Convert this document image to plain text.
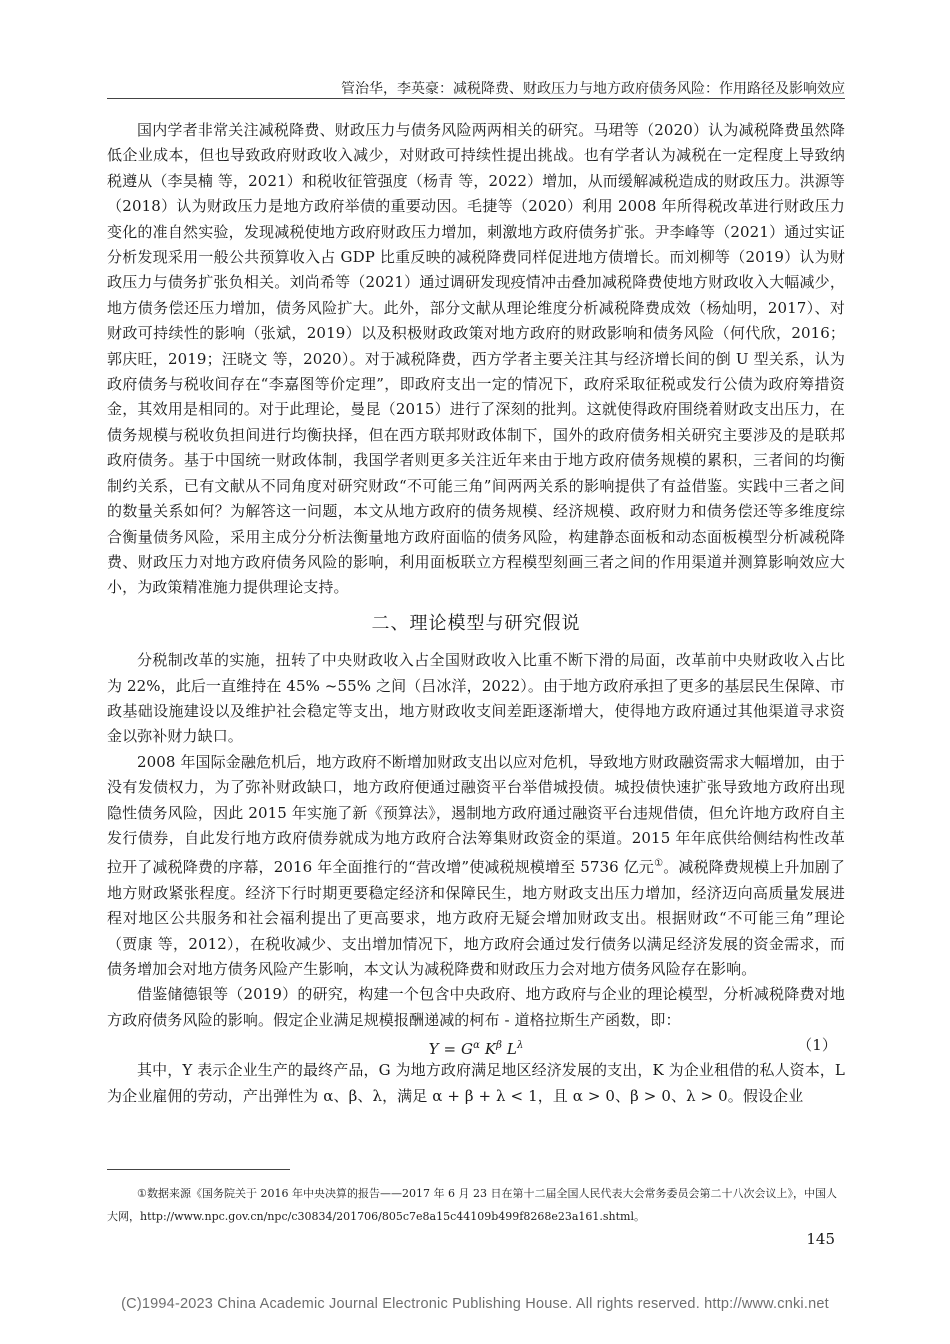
管治华，李英豪：减税降费、财政压力与地方政府债务风险：作用路径及影响效应

国内学者非常关注减税降费、财政压力与债务风险两两相关的研究。马珺等（2020）认为减税降费虽然降低企业成本，但也导致政府财政收入减少，对财政可持续性提出挑战。也有学者认为减税在一定程度上导致纳税遵从（李昊楠 等，2021）和税收征管强度（杨青 等，2022）增加，从而缓解减税造成的财政压力。洪源等（2018）认为财政压力是地方政府举债的重要动因。毛捷等（2020）利用 2008 年所得税改革进行财政压力变化的准自然实验，发现减税使地方政府财政压力增加，刺激地方政府债务扩张。尹李峰等（2021）通过实证分析发现采用一般公共预算收入占 GDP 比重反映的减税降费同样促进地方债增长。而刘柳等（2019）认为财政压力与债务扩张负相关。刘尚希等（2021）通过调研发现疫情冲击叠加减税降费使地方财政收入大幅减少，地方债务偿还压力增加，债务风险扩大。此外，部分文献从理论维度分析减税降费成效（杨灿明，2017）、对财政可持续性的影响（张斌，2019）以及积极财政政策对地方政府的财政影响和债务风险（何代欣，2016；郭庆旺，2019；汪晓文 等，2020）。对于减税降费，西方学者主要关注其与经济增长间的倒 U 型关系，认为政府债务与税收间存在“李嘉图等价定理”，即政府支出一定的情况下，政府采取征税或发行公债为政府筹措资金，其效用是相同的。对于此理论，曼昆（2015）进行了深刻的批判。这就使得政府围绕着财政支出压力，在债务规模与税收负担间进行均衡抉择，但在西方联邦财政体制下，国外的政府债务相关研究主要涉及的是联邦政府债务。基于中国统一财政体制，我国学者则更多关注近年来由于地方政府债务规模的累积，三者间的均衡制约关系，已有文献从不同角度对研究财政“不可能三角”间两两关系的影响提供了有益借鉴。实践中三者之间的数量关系如何？为解答这一问题，本文从地方政府的债务规模、经济规模、政府财力和债务偿还等多维度综合衡量债务风险，采用主成分分析法衡量地方政府面临的债务风险，构建静态面板和动态面板模型分析减税降费、财政压力对地方政府债务风险的影响，利用面板联立方程模型刻画三者之间的作用渠道并测算影响效应大小，为政策精准施力提供理论支持。

二、理论模型与研究假说

分税制改革的实施，扭转了中央财政收入占全国财政收入比重不断下滑的局面，改革前中央财政收入占比为 22%，此后一直维持在 45% ~55% 之间（吕冰洋，2022）。由于地方政府承担了更多的基层民生保障、市政基础设施建设以及维护社会稳定等支出，地方财政收支间差距逐渐增大，使得地方政府通过其他渠道寻求资金以弥补财力缺口。

2008 年国际金融危机后，地方政府不断增加财政支出以应对危机，导致地方财政融资需求大幅增加，由于没有发债权力，为了弥补财政缺口，地方政府便通过融资平台举借城投债。城投债快速扩张导致地方政府出现隐性债务风险，因此 2015 年实施了新《预算法》，遏制地方政府通过融资平台违规借债，但允许地方政府自主发行债券，自此发行地方政府债券就成为地方政府合法筹集财政资金的渠道。2015 年年底供给侧结构性改革拉开了减税降费的序幕，2016 年全面推行的“营改增”使减税规模增至 5736 亿元①。减税降费规模上升加剧了地方财政紧张程度。经济下行时期更要稳定经济和保障民生，地方财政支出压力增加，经济迈向高质量发展进程对地区公共服务和社会福利提出了更高要求，地方政府无疑会增加财政支出。根据财政“不可能三角”理论（贾康 等，2012），在税收减少、支出增加情况下，地方政府会通过发行债务以满足经济发展的资金需求，而债务增加会对地方债务风险产生影响，本文认为减税降费和财政压力会对地方债务风险存在影响。

借鉴储德银等（2019）的研究，构建一个包含中央政府、地方政府与企业的理论模型，分析减税降费对地方政府债务风险的影响。假定企业满足规模报酬递减的柯布 - 道格拉斯生产函数，即：

$Y = G^\alpha$ $K^\beta$ $L^\lambda$	（1）

其中，Y 表示企业生产的最终产品，G 为地方政府满足地区经济发展的支出，K 为企业租借的私人资本，L 为企业雇佣的劳动，产出弹性为 α、β、λ，满足 α + β + λ < 1，且 α > 0、β > 0、λ > 0。假设企业

①数据来源《国务院关于 2016 年中央决算的报告——2017 年 6 月 23 日在第十二届全国人民代表大会常务委员会第二十八次会议上》，中国人大网，http://www.npc.gov.cn/npc/c30834/201706/805c7e8a15c44109b499f8268e23a161.shtml。
145
(C)1994-2023 China Academic Journal Electronic Publishing House. All rights reserved. http://www.cnki.net
